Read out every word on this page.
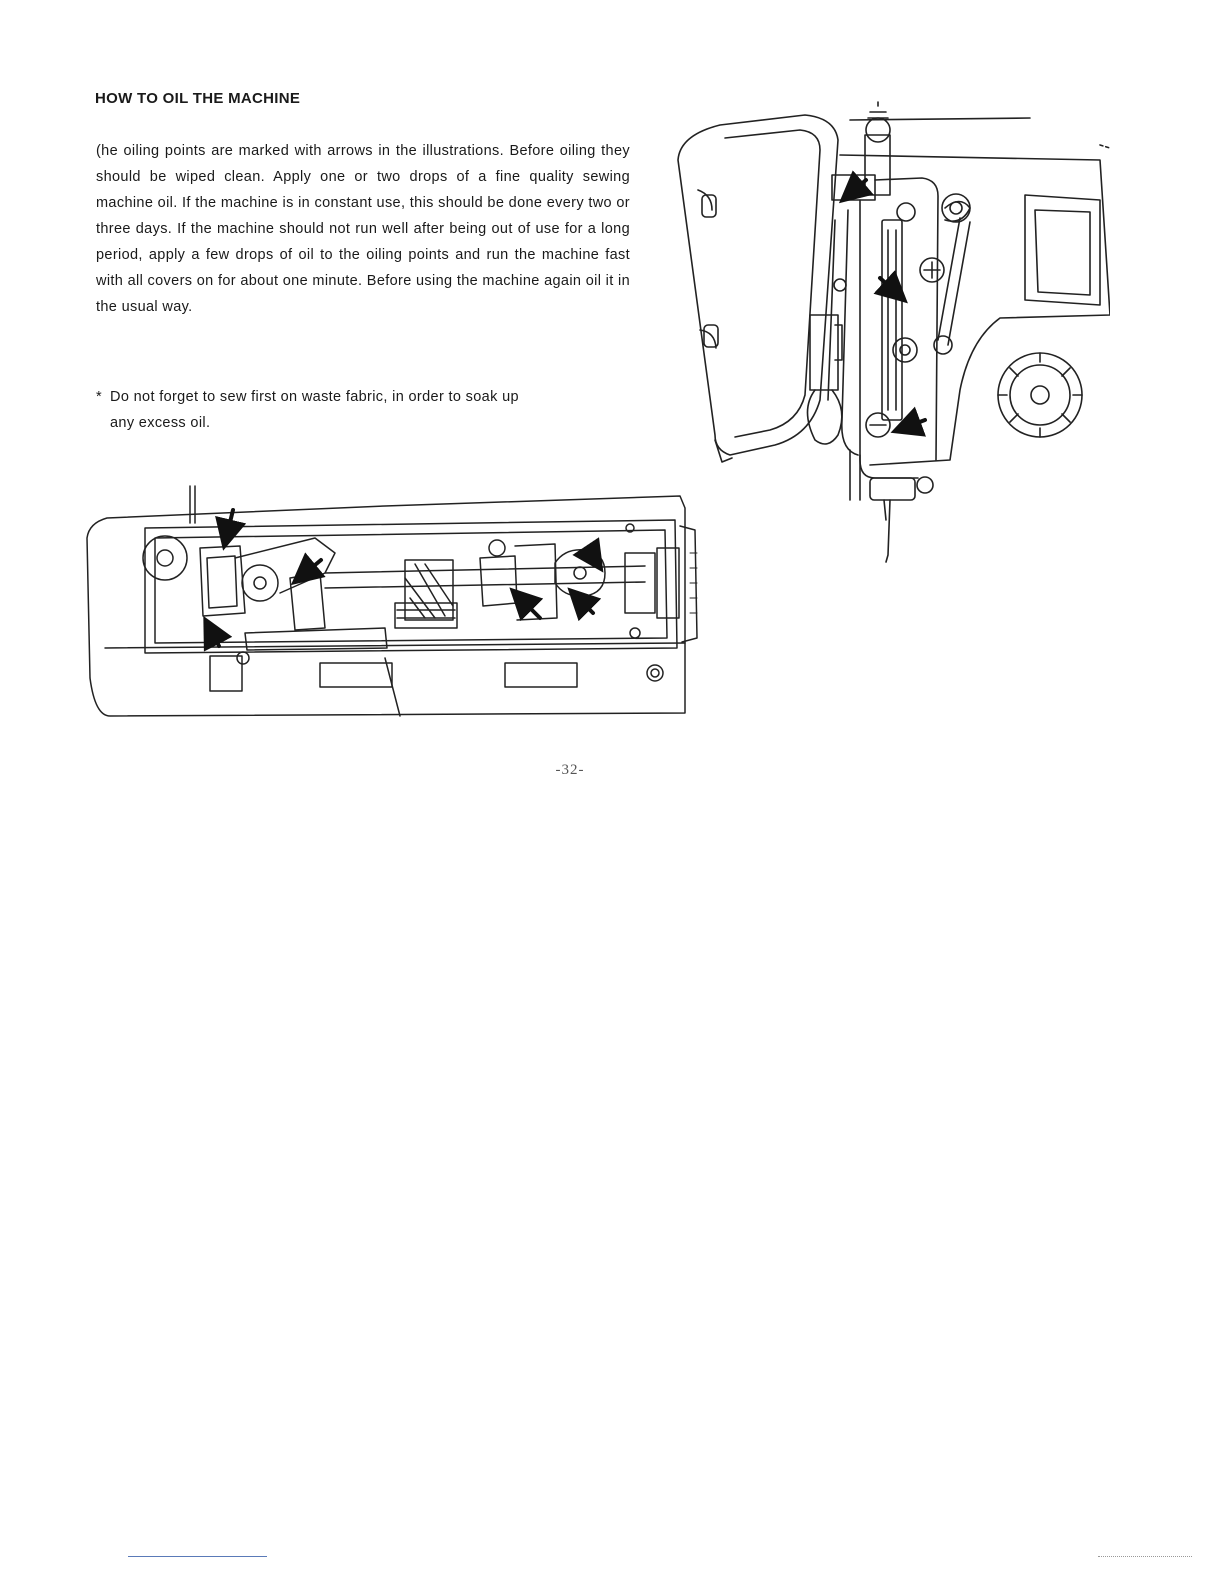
HOW TO OIL THE MACHINE

(he oiling points are marked with arrows in the illustrations. Before oiling they should be wiped clean. Apply one or two drops of a fine quality sewing machine oil. If the machine is in constant use, this should be done every two or three days. If the machine should not run well after being out of use for a long period, apply a few drops of oil to the oiling points and run the machine fast with all covers on for about one minute. Before using the machine again oil it in the usual way.

* Do not forget to sew first on waste fabric, in order to soak up
any excess oil.
-32-
